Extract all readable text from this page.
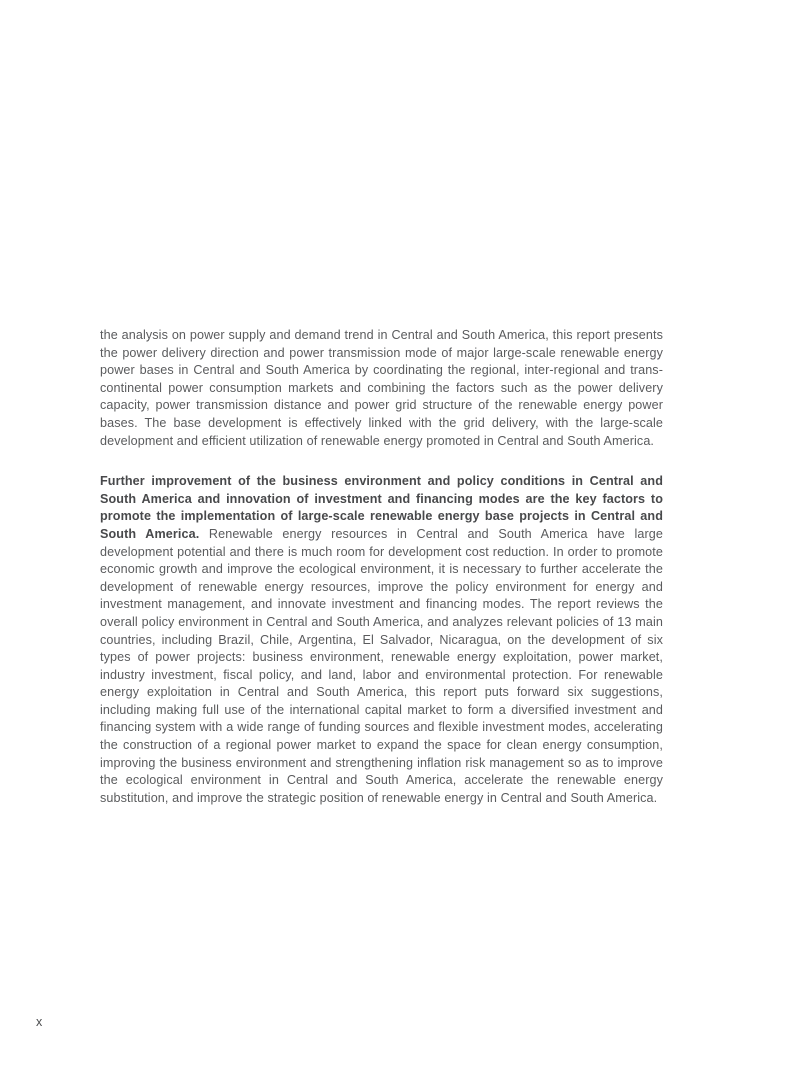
the analysis on power supply and demand trend in Central and South America, this report presents the power delivery direction and power transmission mode of major large-scale renewable energy power bases in Central and South America by coordinating the regional, inter-regional and trans-continental power consumption markets and combining the factors such as the power delivery capacity, power transmission distance and power grid structure of the renewable energy power bases. The base development is effectively linked with the grid delivery, with the large-scale development and efficient utilization of renewable energy promoted in Central and South America.

Further improvement of the business environment and policy conditions in Central and South America and innovation of investment and financing modes are the key factors to promote the implementation of large-scale renewable energy base projects in Central and South America. Renewable energy resources in Central and South America have large development potential and there is much room for development cost reduction. In order to promote economic growth and improve the ecological environment, it is necessary to further accelerate the development of renewable energy resources, improve the policy environment for energy and investment management, and innovate investment and financing modes. The report reviews the overall policy environment in Central and South America, and analyzes relevant policies of 13 main countries, including Brazil, Chile, Argentina, El Salvador, Nicaragua, on the development of six types of power projects: business environment, renewable energy exploitation, power market, industry investment, fiscal policy, and land, labor and environmental protection. For renewable energy exploitation in Central and South America, this report puts forward six suggestions, including making full use of the international capital market to form a diversified investment and financing system with a wide range of funding sources and flexible investment modes, accelerating the construction of a regional power market to expand the space for clean energy consumption, improving the business environment and strengthening inflation risk management so as to improve the ecological environment in Central and South America, accelerate the renewable energy substitution, and improve the strategic position of renewable energy in Central and South America.

x
